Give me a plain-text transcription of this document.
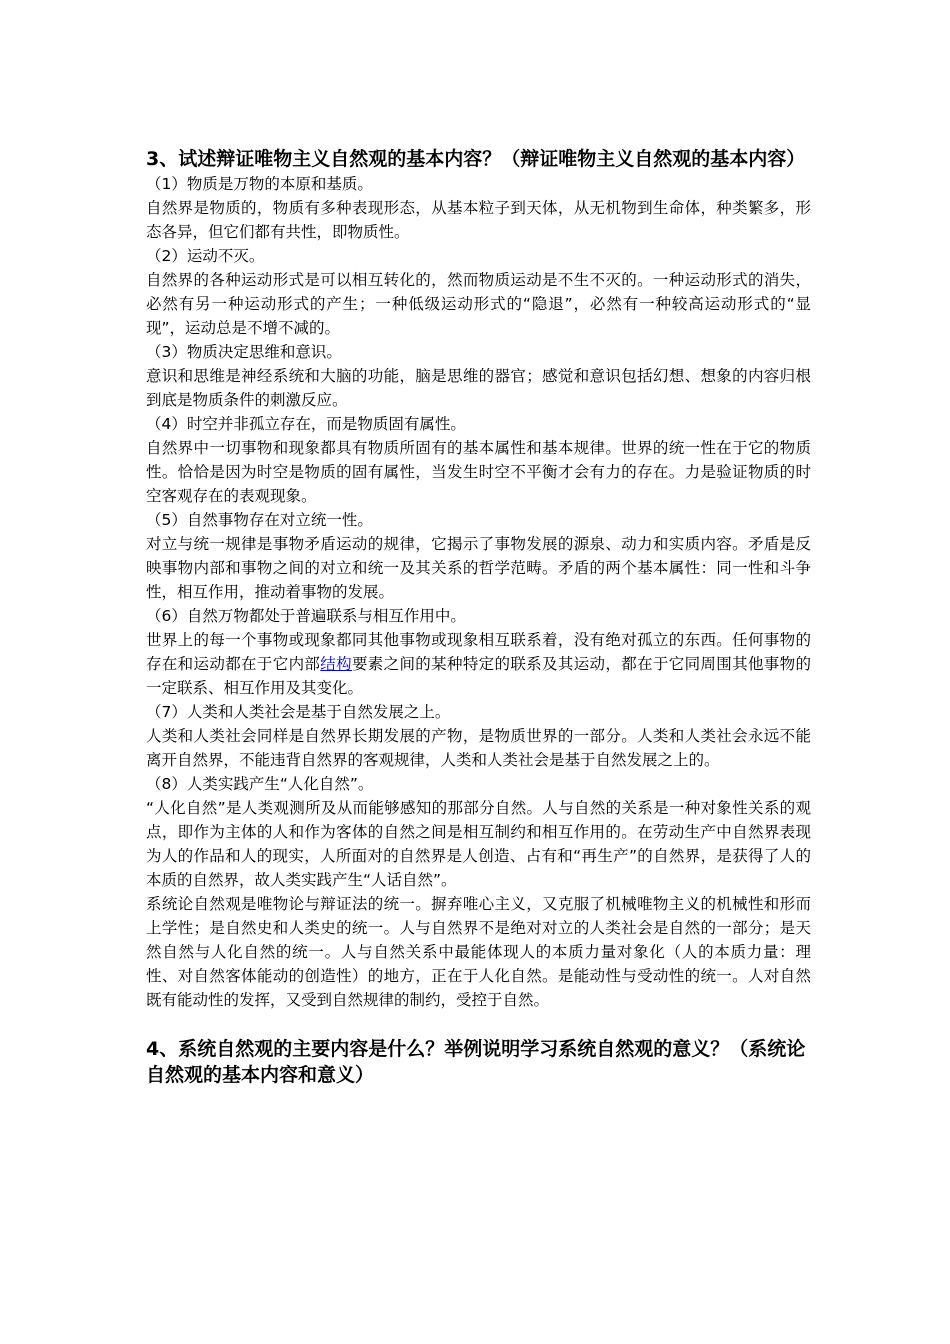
3、试述辩证唯物主义自然观的基本内容？（辩证唯物主义自然观的基本内容）

（1）物质是万物的本原和基质。

自然界是物质的，物质有多种表现形态，从基本粒子到天体，从无机物到生命体，种类繁多，形态各异，但它们都有共性，即物质性。

（2）运动不灭。

自然界的各种运动形式是可以相互转化的，然而物质运动是不生不灭的。一种运动形式的消失，必然有另一种运动形式的产生；一种低级运动形式的“隐退”，必然有一种较高运动形式的“显现”，运动总是不增不减的。

（3）物质决定思维和意识。

意识和思维是神经系统和大脑的功能，脑是思维的器官；感觉和意识包括幻想、想象的内容归根到底是物质条件的刺激反应。

（4）时空并非孤立存在，而是物质固有属性。

自然界中一切事物和现象都具有物质所固有的基本属性和基本规律。世界的统一性在于它的物质性。恰恰是因为时空是物质的固有属性，当发生时空不平衡才会有力的存在。力是验证物质的时空客观存在的表观现象。

（5）自然事物存在对立统一性。

对立与统一规律是事物矛盾运动的规律，它揭示了事物发展的源泉、动力和实质内容。矛盾是反映事物内部和事物之间的对立和统一及其关系的哲学范畴。矛盾的两个基本属性：同一性和斗争性，相互作用，推动着事物的发展。

（6）自然万物都处于普遍联系与相互作用中。

世界上的每一个事物或现象都同其他事物或现象相互联系着，没有绝对孤立的东西。任何事物的存在和运动都在于它内部结构要素之间的某种特定的联系及其运动，都在于它同周围其他事物的一定联系、相互作用及其变化。

（7）人类和人类社会是基于自然发展之上。

人类和人类社会同样是自然界长期发展的产物，是物质世界的一部分。人类和人类社会永远不能离开自然界，不能违背自然界的客观规律，人类和人类社会是基于自然发展之上的。

（8）人类实践产生“人化自然”。

“人化自然”是人类观测所及从而能够感知的那部分自然。人与自然的关系是一种对象性关系的观点，即作为主体的人和作为客体的自然之间是相互制约和相互作用的。在劳动生产中自然界表现为人的作品和人的现实，人所面对的自然界是人创造、占有和“再生产”的自然界，是获得了人的本质的自然界，故人类实践产生“人话自然”。

系统论自然观是唯物论与辩证法的统一。摒弃唯心主义，又克服了机械唯物主义的机械性和形而上学性；是自然史和人类史的统一。人与自然界不是绝对对立的人类社会是自然的一部分；是天然自然与人化自然的统一。人与自然关系中最能体现人的本质力量对象化（人的本质力量：理性、对自然客体能动的创造性）的地方，正在于人化自然。是能动性与受动性的统一。人对自然既有能动性的发挥，又受到自然规律的制约，受控于自然。

4、系统自然观的主要内容是什么？举例说明学习系统自然观的意义？（系统论自然观的基本内容和意义）
